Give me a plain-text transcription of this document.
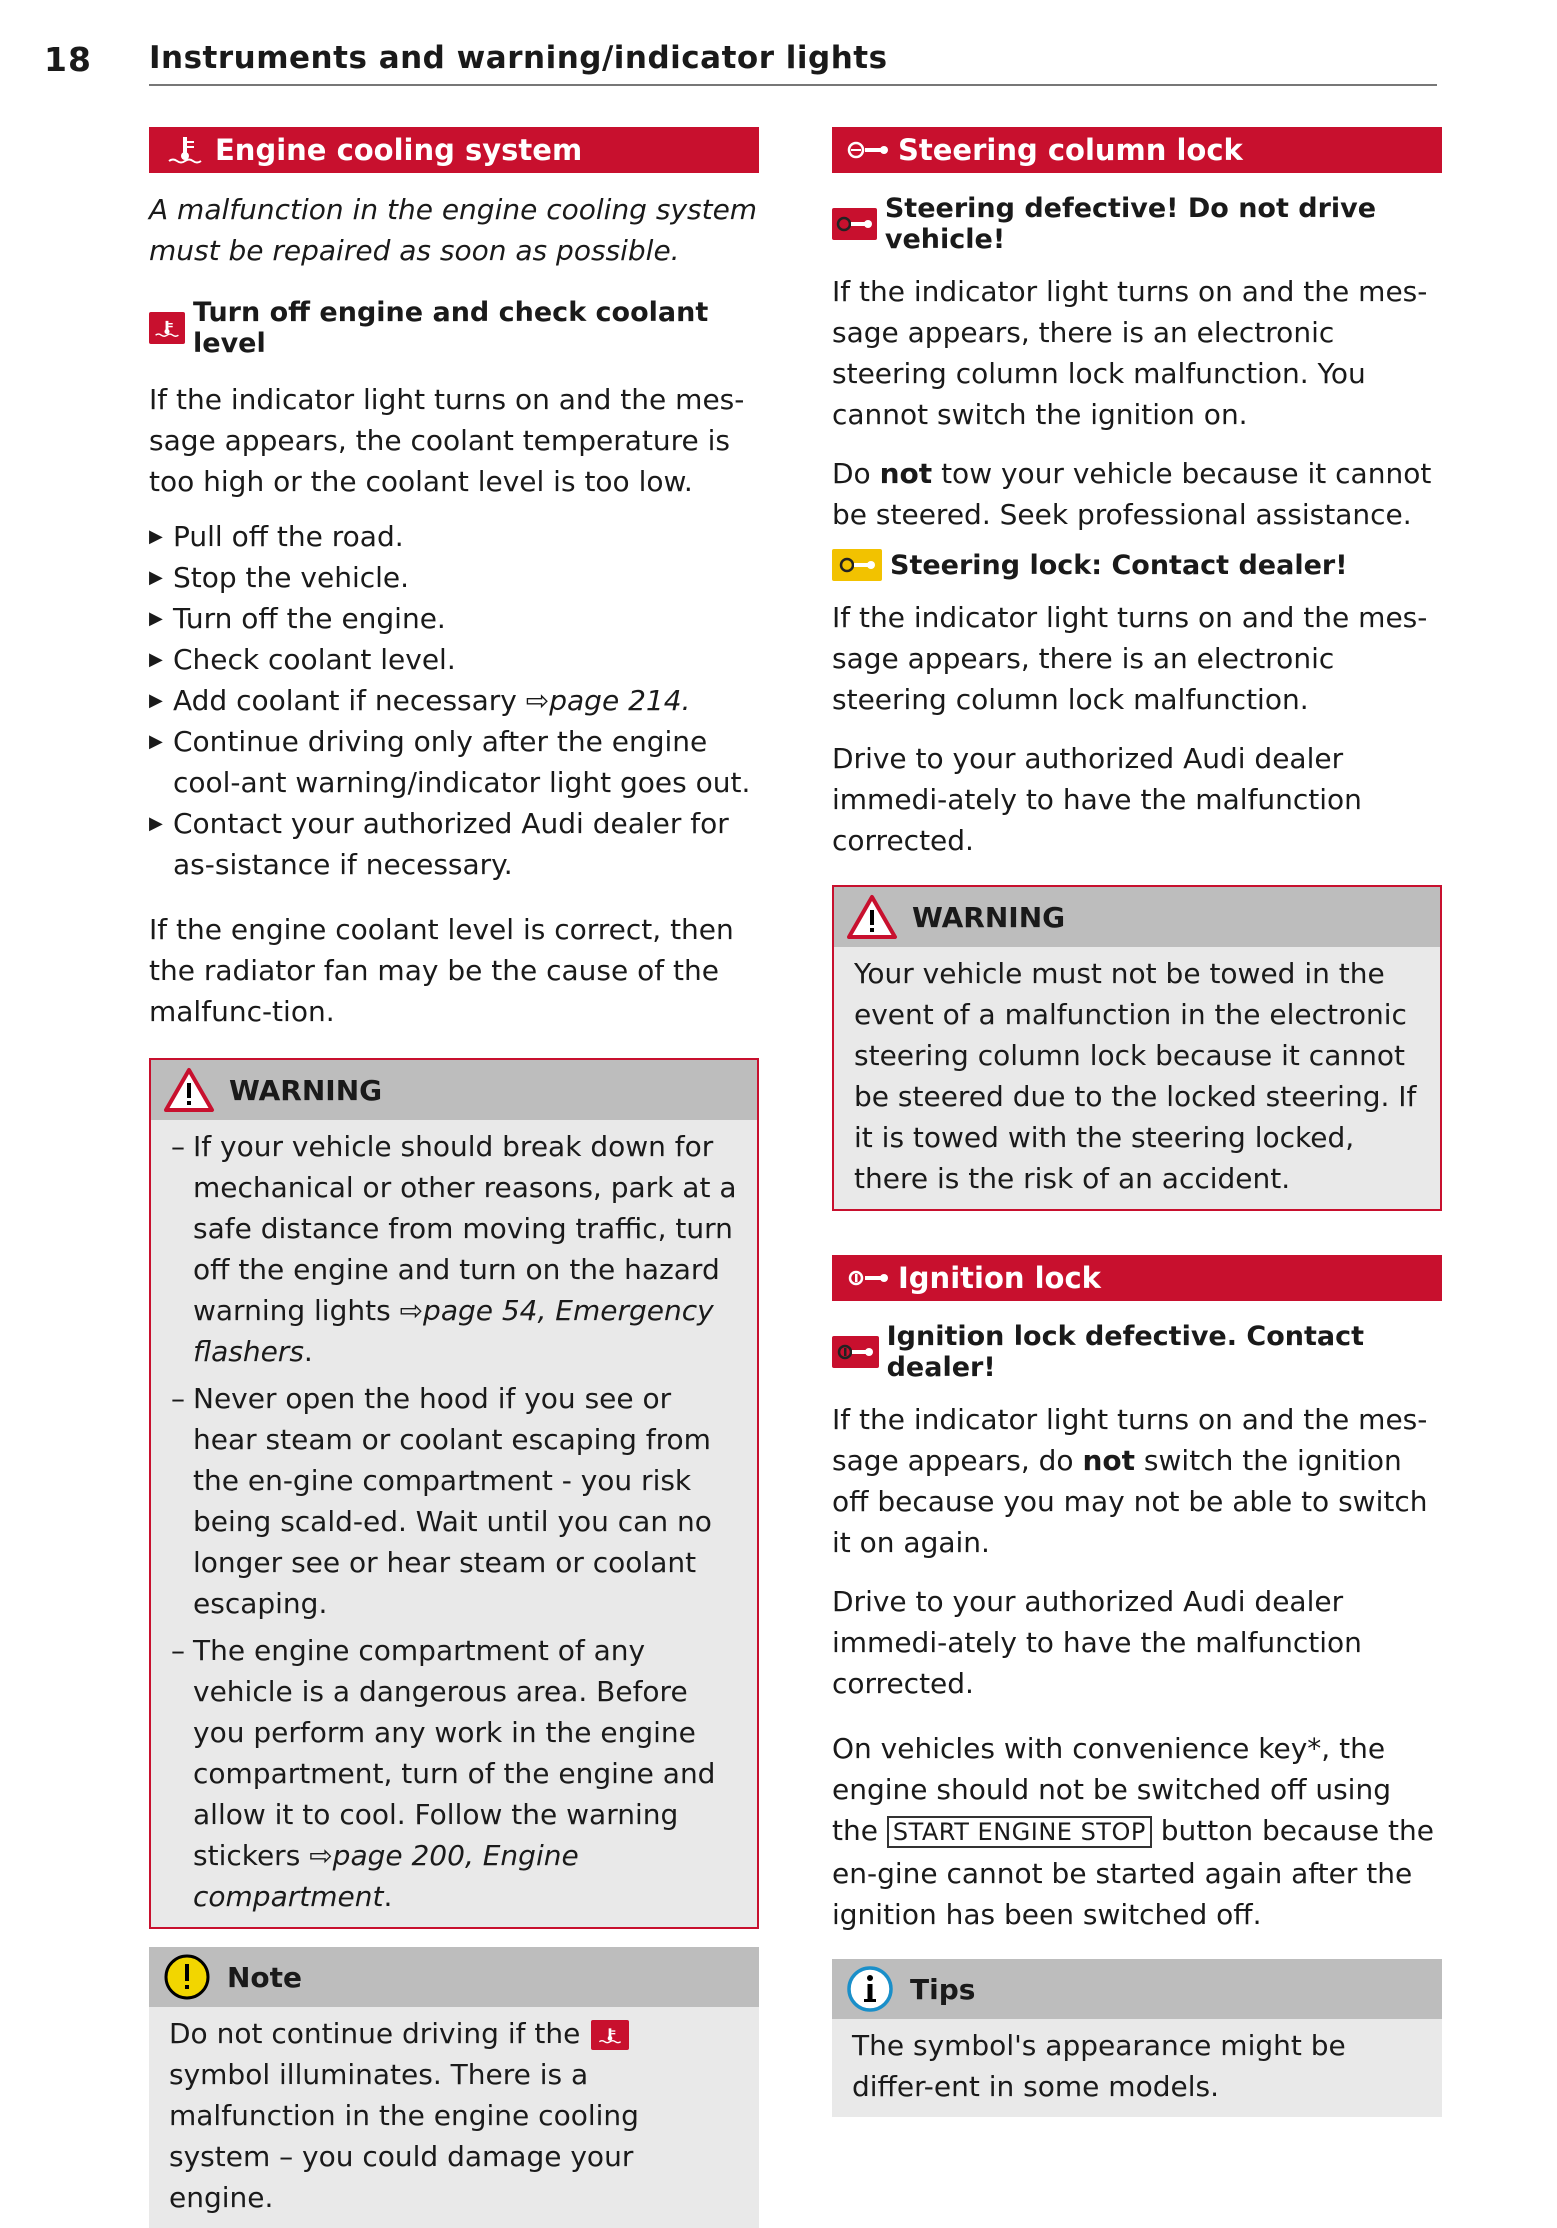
18 Instruments and warning/indicator lights
Engine cooling system

A malfunction in the engine cooling system must be repaired as soon as possible.

Turn off engine and check coolant level

If the indicator light turns on and the mes-sage appears, the coolant temperature is too high or the coolant level is too low.

▶ Pull off the road.
▶ Stop the vehicle.
▶ Turn off the engine.
▶ Check coolant level.
▶ Add coolant if necessary ⇨page 214.
▶ Continue driving only after the engine cool-ant warning/indicator light goes out.
▶ Contact your authorized Audi dealer for as-sistance if necessary.

If the engine coolant level is correct, then the radiator fan may be the cause of the malfunc-tion.

WARNING
– If your vehicle should break down for mechanical or other reasons, park at a safe distance from moving traffic, turn off the engine and turn on the hazard warning lights ⇨page 54, Emergency flashers.
– Never open the hood if you see or hear steam or coolant escaping from the en-gine compartment - you risk being scald-ed. Wait until you can no longer see or hear steam or coolant escaping.
– The engine compartment of any vehicle is a dangerous area. Before you perform any work in the engine compartment, turn of the engine and allow it to cool. Follow the warning stickers ⇨page 200, Engine compartment.
Note

Do not continue driving if the
symbol illuminates. There is a malfunction in the engine cooling system – you could damage your engine.

Steering column lock
Steering defective! Do not drive vehicle!

If the indicator light turns on and the mes-sage appears, there is an electronic steering column lock malfunction. You cannot switch the ignition on.

Do not tow your vehicle because it cannot be steered. Seek professional assistance.

Steering lock: Contact dealer!

If the indicator light turns on and the mes-sage appears, there is an electronic steering column lock malfunction.

Drive to your authorized Audi dealer immedi-ately to have the malfunction corrected.

WARNING

Your vehicle must not be towed in the event of a malfunction in the electronic steering column lock because it cannot be steered due to the locked steering. If it is towed with the steering locked, there is the risk of an accident.

Ignition lock
Ignition lock defective. Contact dealer!

If the indicator light turns on and the mes-sage appears, do not switch the ignition off because you may not be able to switch it on again.

Drive to your authorized Audi dealer immedi-ately to have the malfunction corrected.

On vehicles with convenience key*, the engine should not be switched off using the START ENGINE STOP button because the en-gine cannot be started again after the ignition has been switched off.

Tips

The symbol's appearance might be differ-ent in some models.
